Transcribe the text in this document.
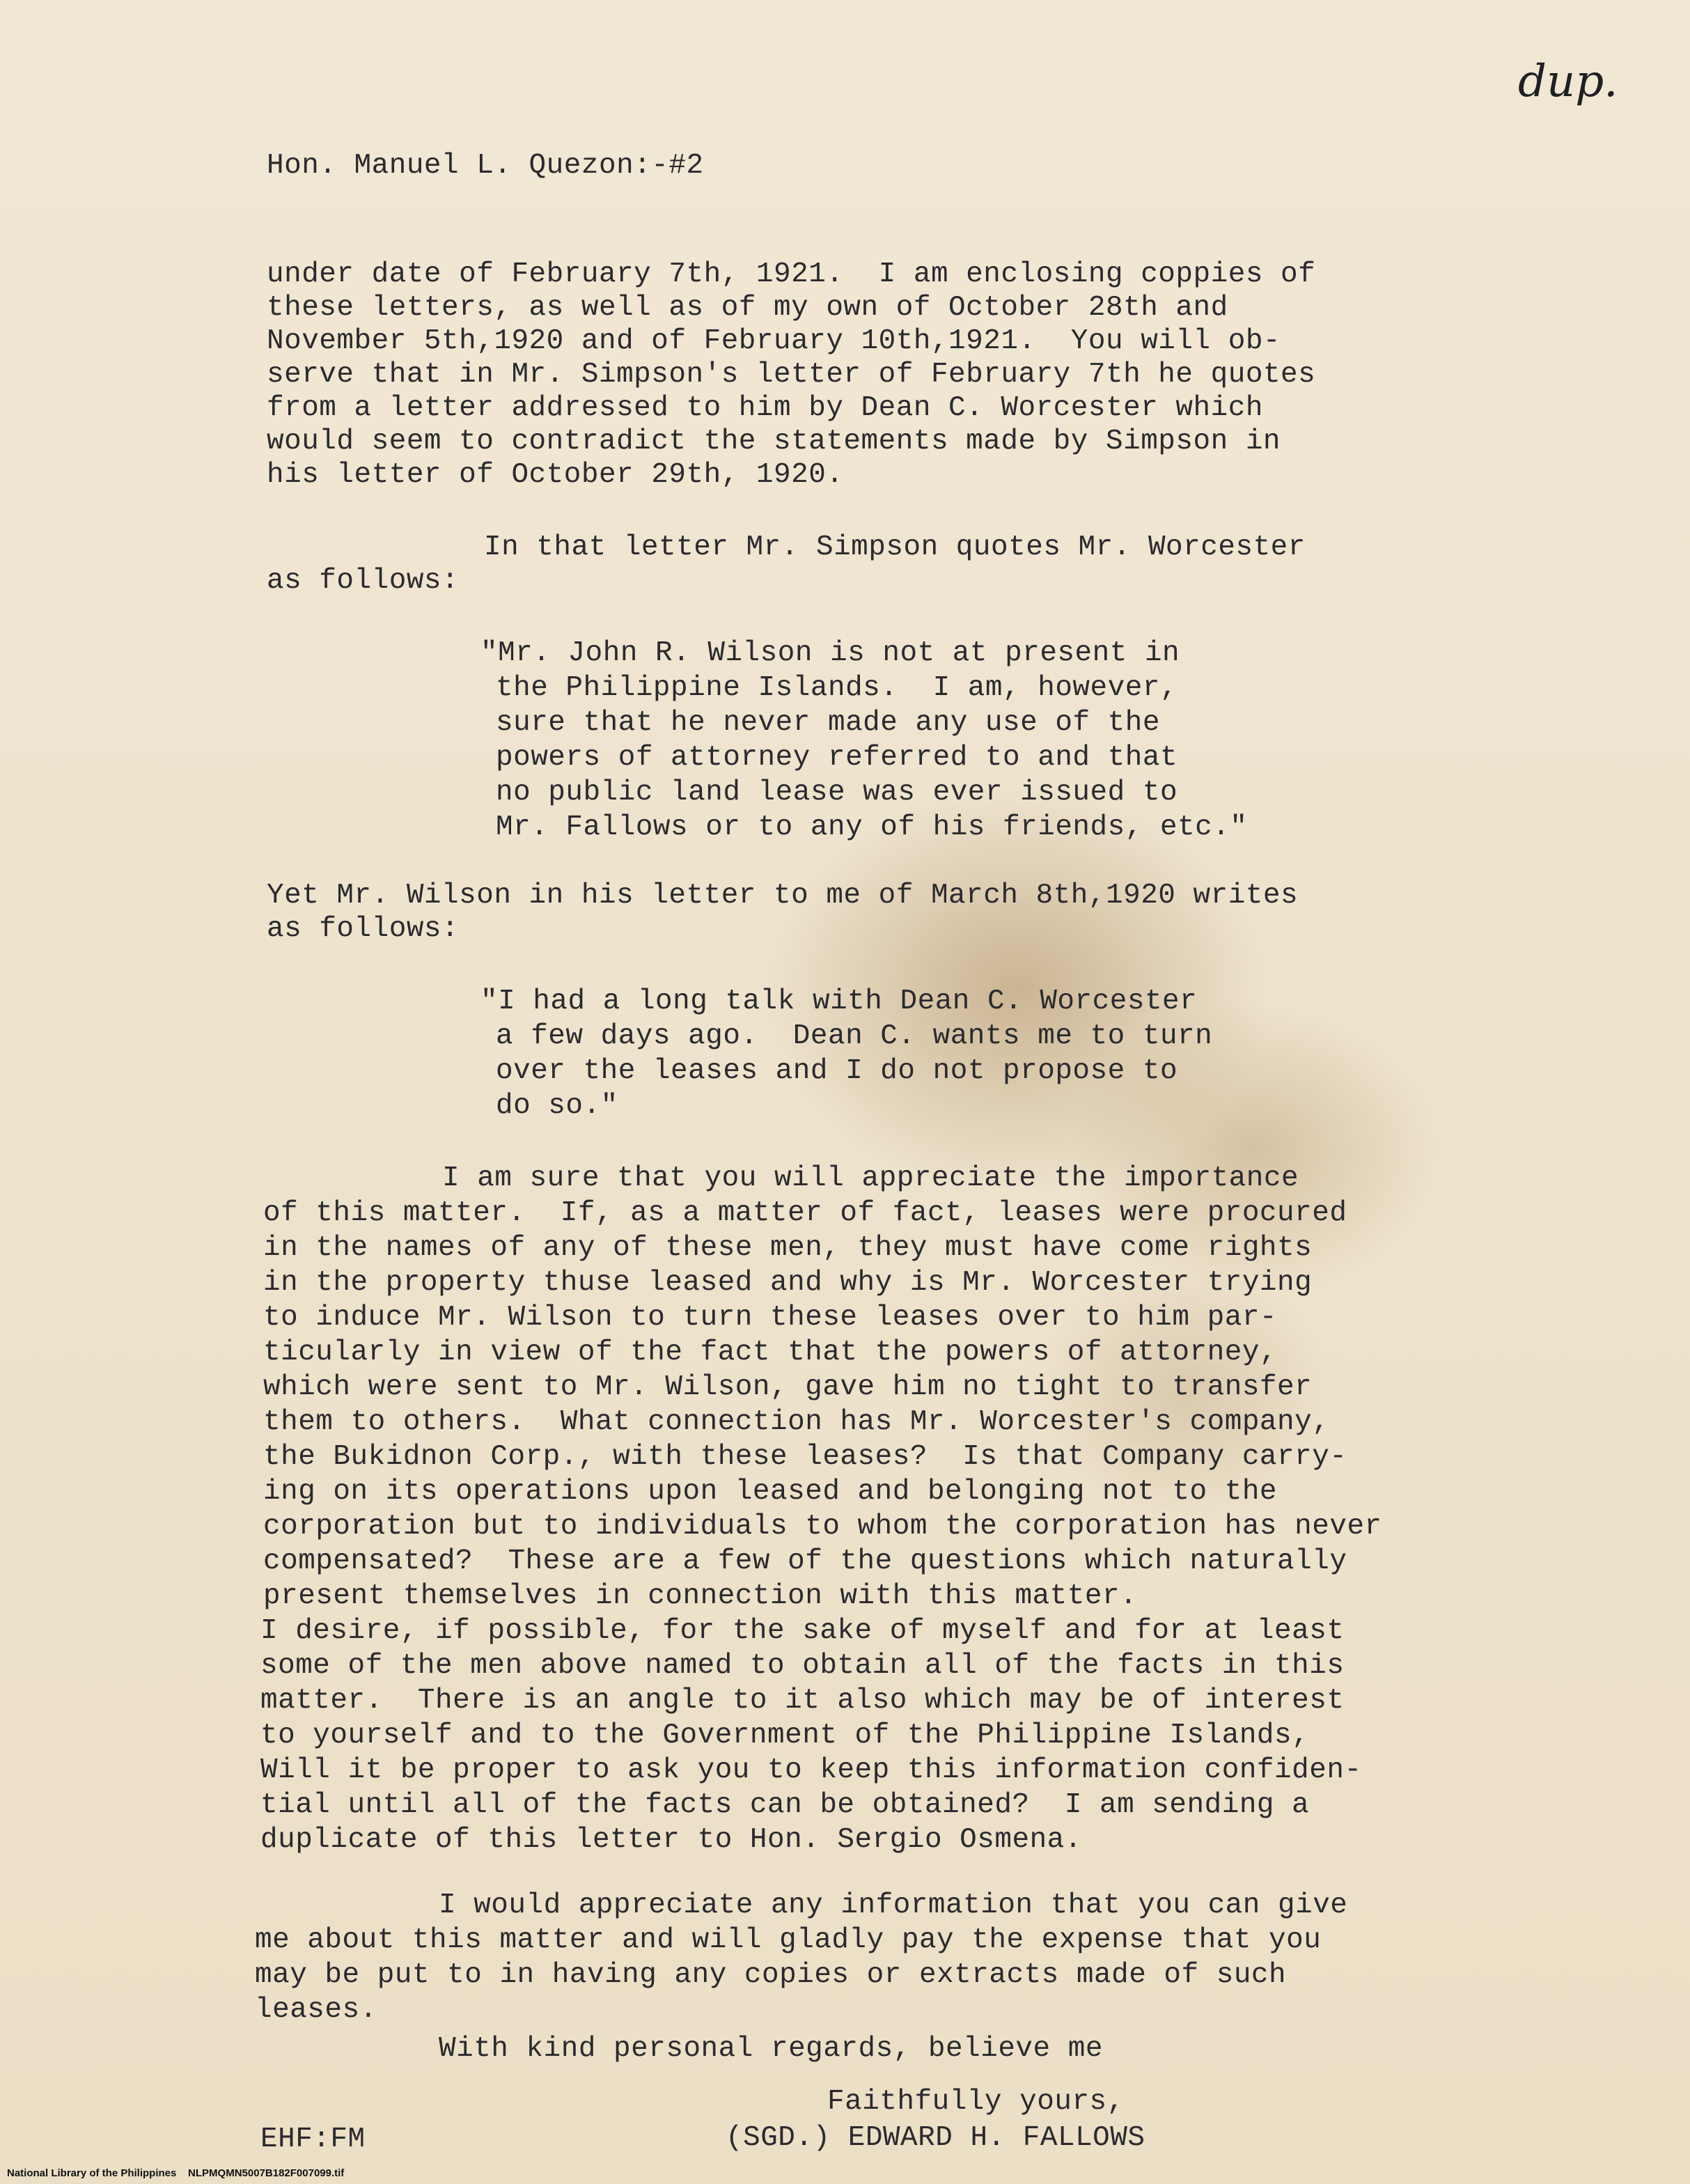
dup.
Hon. Manuel L. Quezon:-#2
under date of February 7th, 1921.  I am enclosing coppies of
these letters, as well as of my own of October 28th and
November 5th,1920 and of February 10th,1921.  You will ob-
serve that in Mr. Simpson's letter of February 7th he quotes
from a letter addressed to him by Dean C. Worcester which
would seem to contradict the statements made by Simpson in
his letter of October 29th, 1920.
In that letter Mr. Simpson quotes Mr. Worcester
as follows:
"Mr. John R. Wilson is not at present in
the Philippine Islands.  I am, however,
sure that he never made any use of the
powers of attorney referred to and that
no public land lease was ever issued to
Mr. Fallows or to any of his friends, etc."
Yet Mr. Wilson in his letter to me of March 8th,1920 writes
as follows:
"I had a long talk with Dean C. Worcester
a few days ago.  Dean C. wants me to turn
over the leases and I do not propose to
do so."
I am sure that you will appreciate the importance
of this matter.  If, as a matter of fact, leases were procured
in the names of any of these men, they must have come rights
in the property thuse leased and why is Mr. Worcester trying
to induce Mr. Wilson to turn these leases over to him par-
ticularly in view of the fact that the powers of attorney,
which were sent to Mr. Wilson, gave him no tight to transfer
them to others.  What connection has Mr. Worcester's company,
the Bukidnon Corp., with these leases?  Is that Company carry-
ing on its operations upon leased and belonging not to the
corporation but to individuals to whom the corporation has never
compensated?  These are a few of the questions which naturally
present themselves in connection with this matter.
I desire, if possible, for the sake of myself and for at least
some of the men above named to obtain all of the facts in this
matter.  There is an angle to it also which may be of interest
to yourself and to the Government of the Philippine Islands,
Will it be proper to ask you to keep this information confiden-
tial until all of the facts can be obtained?  I am sending a
duplicate of this letter to Hon. Sergio Osmena.
I would appreciate any information that you can give
me about this matter and will gladly pay the expense that you
may be put to in having any copies or extracts made of such
leases.
With kind personal regards, believe me
EHF:FM
Faithfully yours,
(SGD.) EDWARD H. FALLOWS
National Library of the Philippines    NLPMQMN5007B182F007099.tif
